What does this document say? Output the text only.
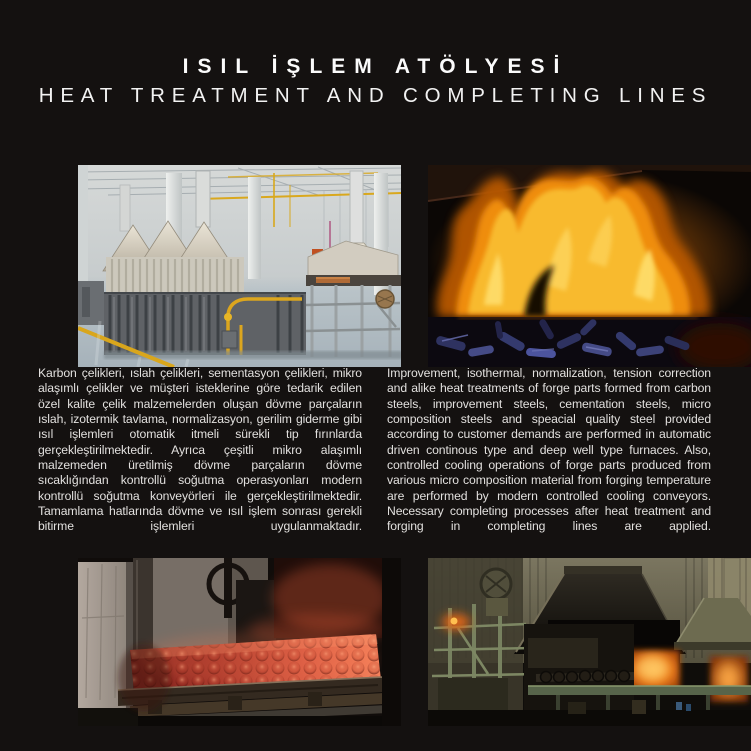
ISIL İŞLEM ATÖLYESİ
HEAT TREATMENT AND COMPLETING LINES

Karbon çelikleri, ıslah çelikleri, sementasyon çelikleri, mikro alaşımlı çelikler ve müşteri isteklerine göre tedarik edilen özel kalite çelik malzemelerden oluşan dövme parçaların ıslah, izotermik tavlama, normalizasyon, gerilim giderme gibi ısıl işlemleri otomatik itmeli sürekli tip fırınlarda gerçekleştirilmektedir. Ayrıca çeşitli mikro alaşımlı malzemeden üretilmiş dövme parçaların dövme sıcaklığından kontrollü soğutma operasyonları modern kontrollü soğutma konveyörleri ile gerçekleştirilmektedir. Tamamlama hatlarında dövme ve ısıl işlem sonrası gerekli bitirme işlemleri uygulanmaktadır.

Improvement, isothermal, normalization, tension correction and alike heat treatments of forge parts formed from carbon steels, improvement steels, cementation steels, micro composition steels and speacial quality steel provided according to customer demands are performed in automatic driven continous type and deep well type furnaces. Also, controlled cooling operations of forge parts produced from various micro composition material from forging temperature are performed by modern controlled cooling conveyors. Necessary completing processes after heat treatment and forging in completing lines are applied.
